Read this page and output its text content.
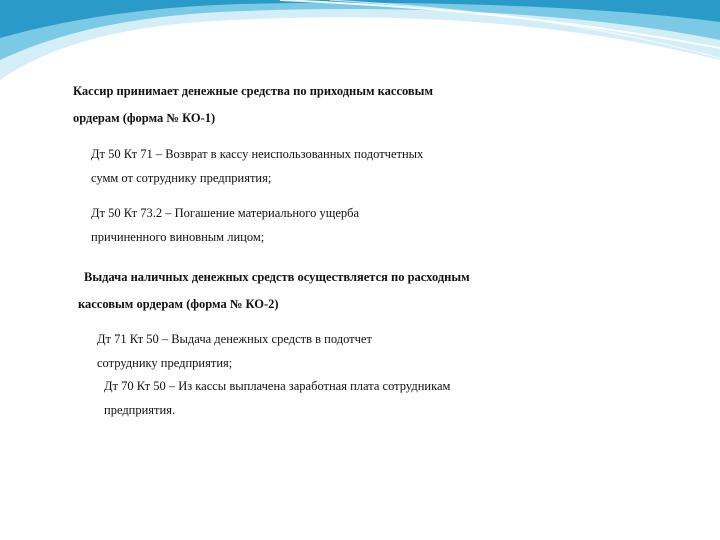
Кассир принимает денежные средства по приходным кассовым
ордерам (форма № КО-1)
Дт 50 Кт 71 – Возврат в кассу неиспользованных подотчетных
сумм от сотруднику предприятия;
Дт 50 Кт 73.2 – Погашение материального ущерба
причиненного виновным лицом;
Выдача наличных денежных средств осуществляется по расходным
кассовым ордерам (форма № КО-2)
Дт 71 Кт 50 – Выдача денежных средств в подотчет
сотруднику предприятия;
Дт 70 Кт 50 – Из кассы выплачена заработная плата сотрудникам
предприятия.
